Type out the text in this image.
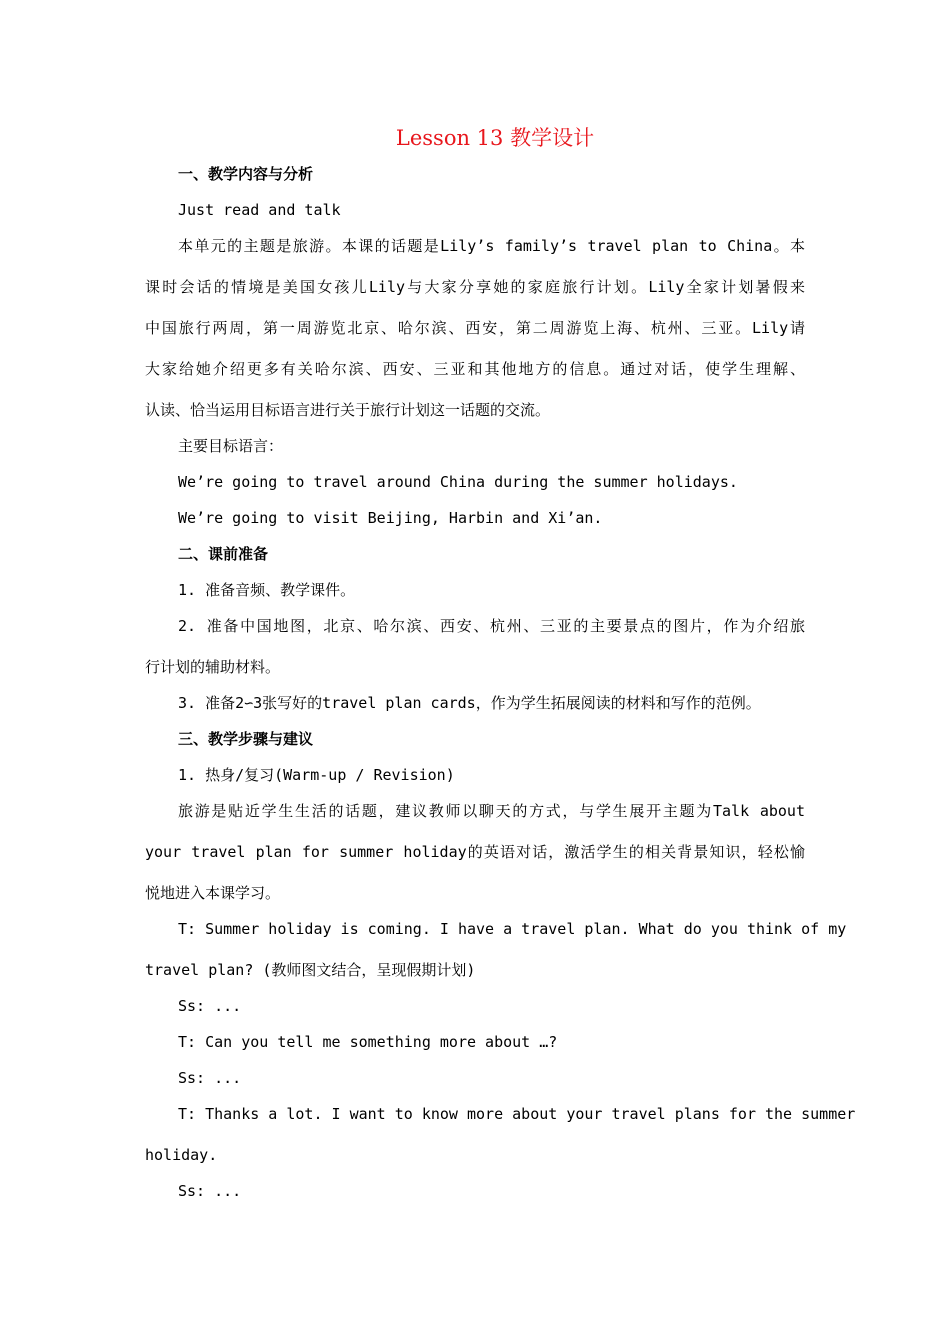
Lesson 13 教学设计
一、教学内容与分析
Just read and talk
本单元的主题是旅游。本课的话题是Lily’s family’s travel plan to China。本
课时会话的情境是美国女孩儿Lily与大家分享她的家庭旅行计划。Lily全家计划暑假来
中国旅行两周，第一周游览北京、哈尔滨、西安，第二周游览上海、杭州、三亚。Lily请
大家给她介绍更多有关哈尔滨、西安、三亚和其他地方的信息。通过对话，使学生理解、
认读、恰当运用目标语言进行关于旅行计划这一话题的交流。
主要目标语言：
We’re going to travel around China during the summer holidays.
We’re going to visit Beijing, Harbin and Xi’an.
二、课前准备
1. 准备音频、教学课件。
2. 准备中国地图，北京、哈尔滨、西安、杭州、三亚的主要景点的图片，作为介绍旅
行计划的辅助材料。
3. 准备2∽3张写好的travel plan cards，作为学生拓展阅读的材料和写作的范例。
三、教学步骤与建议
1. 热身/复习(Warm-up / Revision)
旅游是贴近学生生活的话题，建议教师以聊天的方式，与学生展开主题为Talk about
your travel plan for summer holiday的英语对话，激活学生的相关背景知识，轻松愉
悦地进入本课学习。
T: Summer holiday is coming. I have a travel plan. What do you think of my
travel plan? (教师图文结合，呈现假期计划)
Ss: ...
T: Can you tell me something more about …?
Ss: ...
T: Thanks a lot. I want to know more about your travel plans for the summer
holiday.
Ss: ...
